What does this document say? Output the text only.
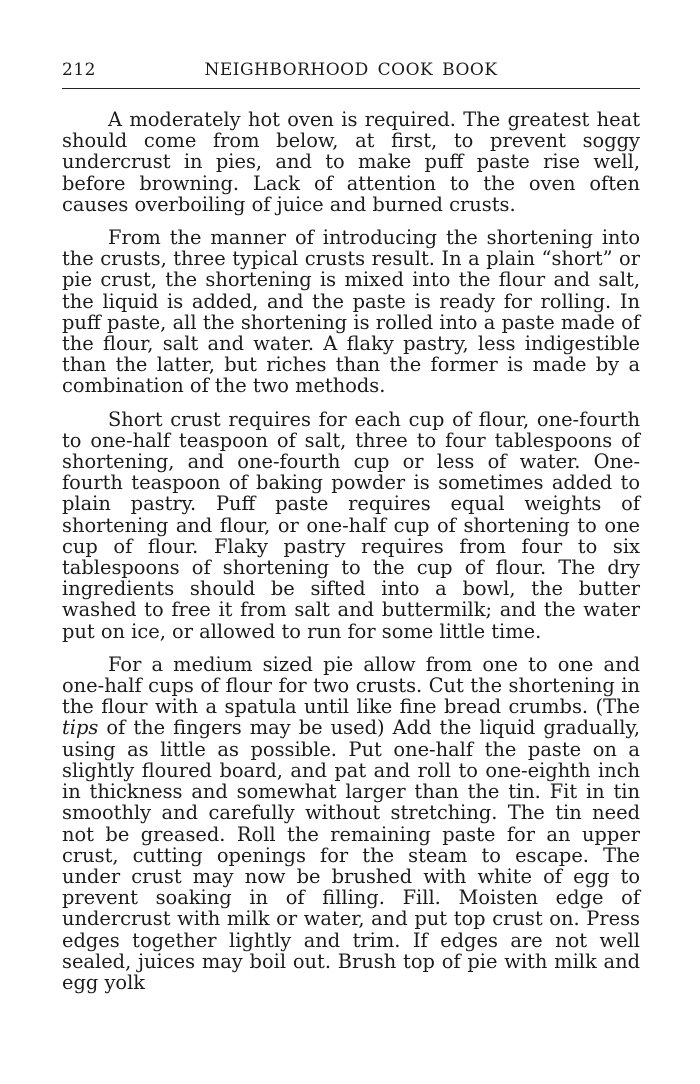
212	NEIGHBORHOOD COOK BOOK

A moderately hot oven is required. The greatest heat should come from below, at first, to prevent soggy undercrust in pies, and to make puff paste rise well, before browning. Lack of attention to the oven often causes overboiling of juice and burned crusts.

From the manner of introducing the shortening into the crusts, three typical crusts result. In a plain “short” or pie crust, the shortening is mixed into the flour and salt, the liquid is added, and the paste is ready for rolling. In puff paste, all the shortening is rolled into a paste made of the flour, salt and water. A flaky pastry, less indigestible than the latter, but riches than the former is made by a combination of the two methods.

Short crust requires for each cup of flour, one-fourth to one-half teaspoon of salt, three to four tablespoons of shortening, and one-fourth cup or less of water. One-fourth teaspoon of baking powder is sometimes added to plain pastry. Puff paste requires equal weights of shortening and flour, or one-half cup of shortening to one cup of flour. Flaky pastry requires from four to six tablespoons of shortening to the cup of flour. The dry ingredients should be sifted into a bowl, the butter washed to free it from salt and buttermilk; and the water put on ice, or allowed to run for some little time.

For a medium sized pie allow from one to one and one-half cups of flour for two crusts. Cut the shortening in the flour with a spatula until like fine bread crumbs. (The tips of the fingers may be used) Add the liquid gradually, using as little as possible. Put one-half the paste on a slightly floured board, and pat and roll to one-eighth inch in thickness and somewhat larger than the tin. Fit in tin smoothly and carefully without stretching. The tin need not be greased. Roll the remaining paste for an upper crust, cutting openings for the steam to escape. The under crust may now be brushed with white of egg to prevent soaking in of filling. Fill. Moisten edge of undercrust with milk or water, and put top crust on. Press edges together lightly and trim. If edges are not well sealed, juices may boil out. Brush top of pie with milk and egg yolk
